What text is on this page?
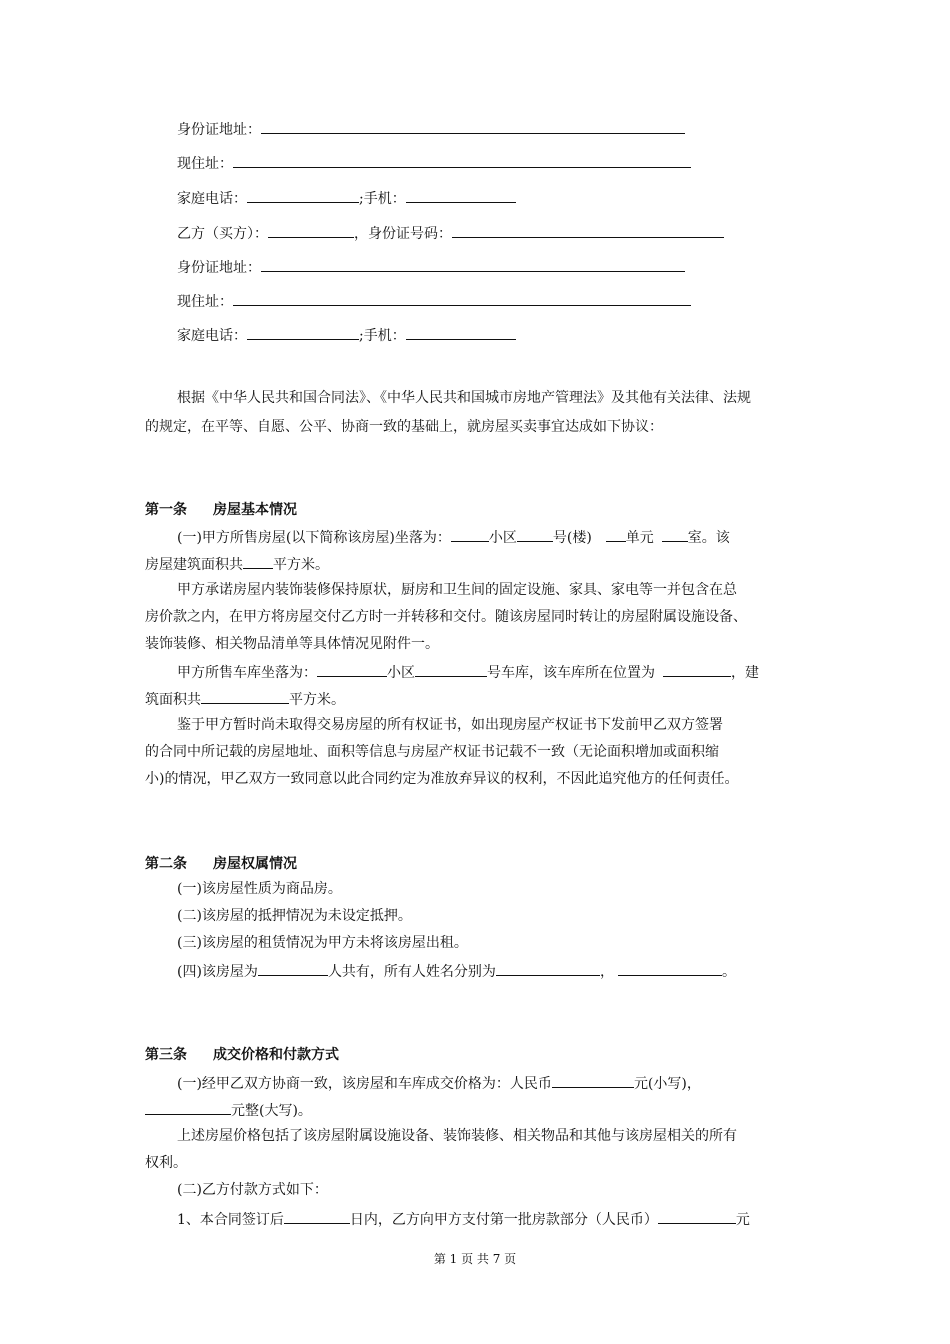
身份证地址：
现住址：
家庭电话：	;手机：
乙方（买方）：	，身份证号码：
身份证地址：
现住址：
家庭电话：	;手机：
根据《中华人民共和国合同法》、《中华人民共和国城市房地产管理法》及其他有关法律、法规
的规定，在平等、自愿、公平、协商一致的基础上，就房屋买卖事宜达成如下协议：
第一条 房屋基本情况
(一)甲方所售房屋(以下简称该房屋)坐落为：	小区	号(楼) 单元 室。该
房屋建筑面积共 平方米。
甲方承诺房屋内装饰装修保持原状，厨房和卫生间的固定设施、家具、家电等一并包含在总
房价款之内，在甲方将房屋交付乙方时一并转移和交付。随该房屋同时转让的房屋附属设施设备、
装饰装修、相关物品清单等具体情况见附件一。
甲方所售车库坐落为：	小区	号车库，该车库所在位置为	，建
筑面积共	平方米。
鉴于甲方暂时尚未取得交易房屋的所有权证书，如出现房屋产权证书下发前甲乙双方签署
的合同中所记载的房屋地址、面积等信息与房屋产权证书记载不一致（无论面积增加或面积缩
小)的情况，甲乙双方一致同意以此合同约定为准放弃异议的权利，不因此追究他方的任何责任。
第二条 房屋权属情况
(一)该房屋性质为商品房。
(二)该房屋的抵押情况为未设定抵押。
(三)该房屋的租赁情况为甲方未将该房屋出租。
(四)该房屋为	人共有，所有人姓名分别为	，	。
第三条 成交价格和付款方式
(一)经甲乙双方协商一致，该房屋和车库成交价格为：人民币	元(小写)，
元整(大写)。
上述房屋价格包括了该房屋附属设施设备、装饰装修、相关物品和其他与该房屋相关的所有
权利。
(二)乙方付款方式如下：
1、本合同签订后	日内，乙方向甲方支付第一批房款部分（人民币）	元
第 1 页 共 7 页
